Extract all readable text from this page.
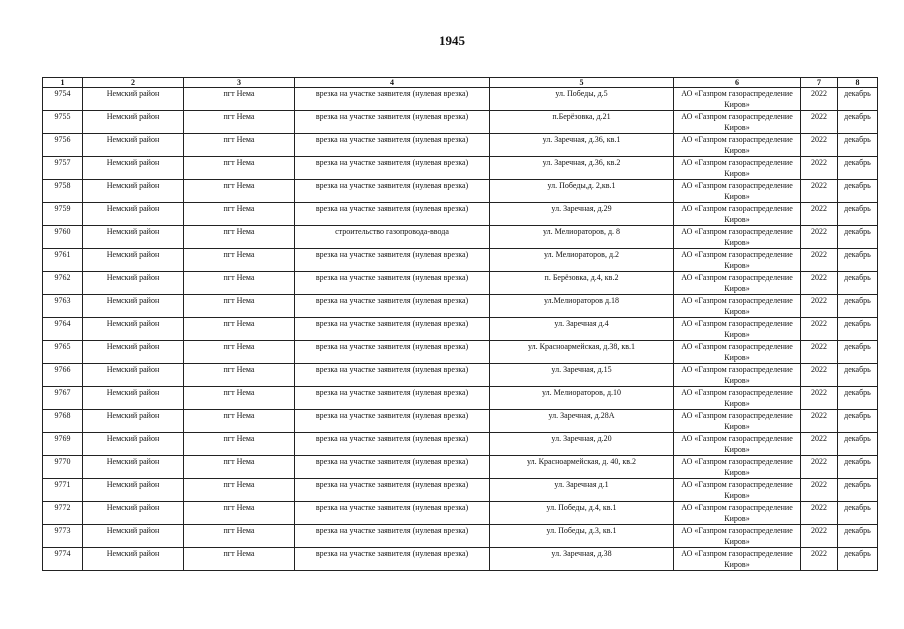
1945
1	2	3	4	5	6	7	8
9754	Немский район	пгт Нема	врезка на участке заявителя (нулевая врезка)	ул. Победы, д.5	АО «Газпром газораспределение Киров»	2022	декабрь
9755	Немский район	пгт Нема	врезка на участке заявителя (нулевая врезка)	п.Берёзовка, д.21	АО «Газпром газораспределение Киров»	2022	декабрь
9756	Немский район	пгт Нема	врезка на участке заявителя (нулевая врезка)	ул. Заречная, д.36, кв.1	АО «Газпром газораспределение Киров»	2022	декабрь
9757	Немский район	пгт Нема	врезка на участке заявителя (нулевая врезка)	ул. Заречная, д.36, кв.2	АО «Газпром газораспределение Киров»	2022	декабрь
9758	Немский район	пгт Нема	врезка на участке заявителя (нулевая врезка)	ул. Победы,д. 2,кв.1	АО «Газпром газораспределение Киров»	2022	декабрь
9759	Немский район	пгт Нема	врезка на участке заявителя (нулевая врезка)	ул. Заречная, д.29	АО «Газпром газораспределение Киров»	2022	декабрь
9760	Немский район	пгт Нема	строительство газопровода-ввода	ул. Мелиораторов, д. 8	АО «Газпром газораспределение Киров»	2022	декабрь
9761	Немский район	пгт Нема	врезка на участке заявителя (нулевая врезка)	ул. Мелиораторов, д.2	АО «Газпром газораспределение Киров»	2022	декабрь
9762	Немский район	пгт Нема	врезка на участке заявителя (нулевая врезка)	п. Берёзовка, д.4, кв.2	АО «Газпром газораспределение Киров»	2022	декабрь
9763	Немский район	пгт Нема	врезка на участке заявителя (нулевая врезка)	ул.Мелиораторов д.18	АО «Газпром газораспределение Киров»	2022	декабрь
9764	Немский район	пгт Нема	врезка на участке заявителя (нулевая врезка)	ул. Заречная д.4	АО «Газпром газораспределение Киров»	2022	декабрь
9765	Немский район	пгт Нема	врезка на участке заявителя (нулевая врезка)	ул. Красноармейская, д.38, кв.1	АО «Газпром газораспределение Киров»	2022	декабрь
9766	Немский район	пгт Нема	врезка на участке заявителя (нулевая врезка)	ул. Заречная, д.15	АО «Газпром газораспределение Киров»	2022	декабрь
9767	Немский район	пгт Нема	врезка на участке заявителя (нулевая врезка)	ул. Мелиораторов, д.10	АО «Газпром газораспределение Киров»	2022	декабрь
9768	Немский район	пгт Нема	врезка на участке заявителя (нулевая врезка)	ул. Заречная, д.28А	АО «Газпром газораспределение Киров»	2022	декабрь
9769	Немский район	пгт Нема	врезка на участке заявителя (нулевая врезка)	ул. Заречная, д.20	АО «Газпром газораспределение Киров»	2022	декабрь
9770	Немский район	пгт Нема	врезка на участке заявителя (нулевая врезка)	ул. Красноармейская, д. 40, кв.2	АО «Газпром газораспределение Киров»	2022	декабрь
9771	Немский район	пгт Нема	врезка на участке заявителя (нулевая врезка)	ул. Заречная д.1	АО «Газпром газораспределение Киров»	2022	декабрь
9772	Немский район	пгт Нема	врезка на участке заявителя (нулевая врезка)	ул. Победы, д.4, кв.1	АО «Газпром газораспределение Киров»	2022	декабрь
9773	Немский район	пгт Нема	врезка на участке заявителя (нулевая врезка)	ул. Победы, д.3, кв.1	АО «Газпром газораспределение Киров»	2022	декабрь
9774	Немский район	пгт Нема	врезка на участке заявителя (нулевая врезка)	ул. Заречная, д.38	АО «Газпром газораспределение Киров»	2022	декабрь
